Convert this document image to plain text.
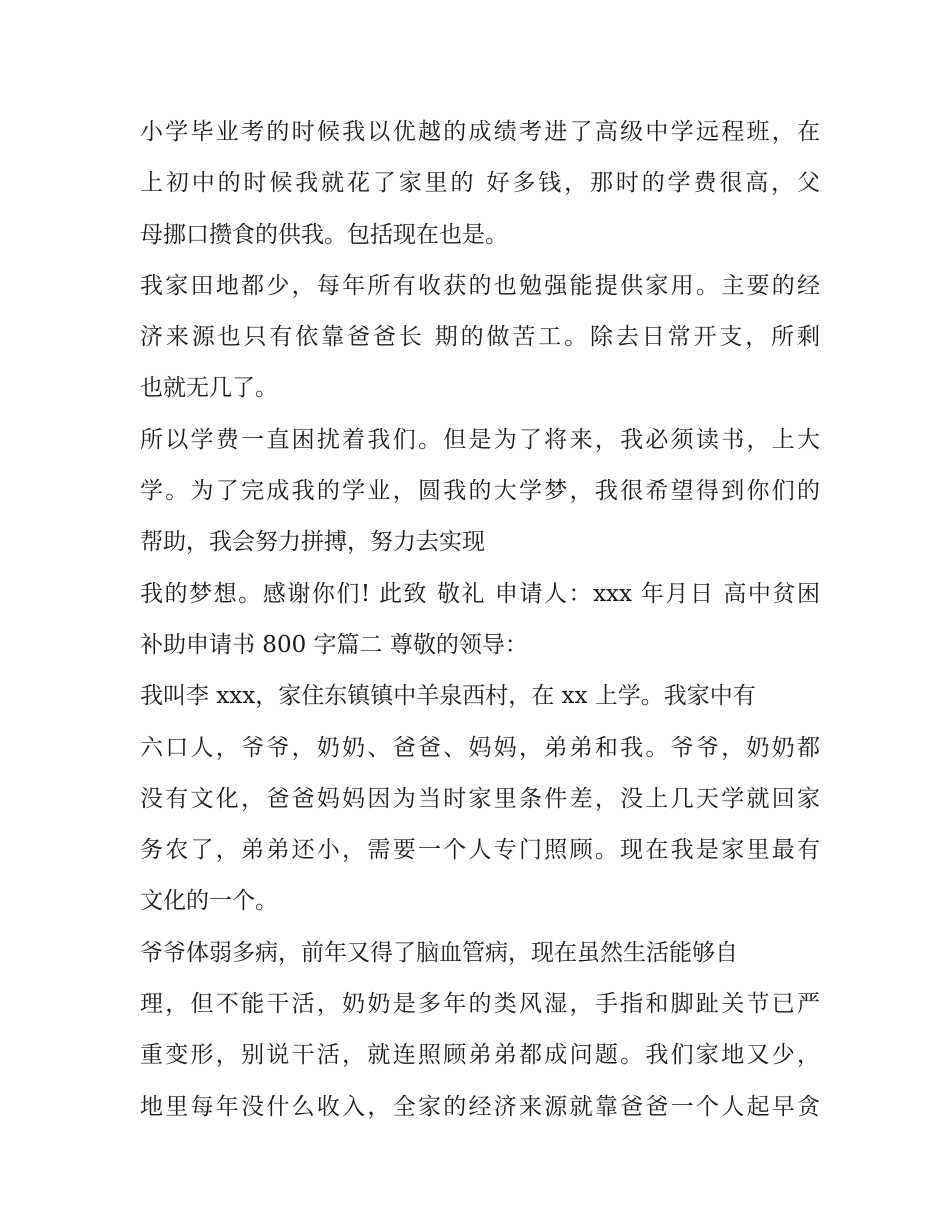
小学毕业考的时候我以优越的成绩考进了高级中学远程班，在
上初中的时候我就花了家里的 好多钱，那时的学费很高，父
母挪口攒食的供我。包括现在也是。
我家田地都少，每年所有收获的也勉强能提供家用。主要的经
济来源也只有依靠爸爸长 期的做苦工。除去日常开支，所剩
也就无几了。
所以学费一直困扰着我们。但是为了将来，我必须读书，上大
学。为了完成我的学业，圆我的大学梦，我很希望得到你们的
帮助，我会努力拼搏，努力去实现
我的梦想。感谢你们! 此致 敬礼 申请人：xxx 年月日 高中贫困
补助申请书 800 字篇二 尊敬的领导：
我叫李 xxx，家住东镇镇中羊泉西村，在 xx 上学。我家中有
六口人，爷爷，奶奶、爸爸、妈妈，弟弟和我。爷爷，奶奶都
没有文化，爸爸妈妈因为当时家里条件差，没上几天学就回家
务农了，弟弟还小，需要一个人专门照顾。现在我是家里最有
文化的一个。
爷爷体弱多病，前年又得了脑血管病，现在虽然生活能够自
理，但不能干活，奶奶是多年的类风湿，手指和脚趾关节已严
重变形，别说干活，就连照顾弟弟都成问题。我们家地又少，
地里每年没什么收入，全家的经济来源就靠爸爸一个人起早贪
